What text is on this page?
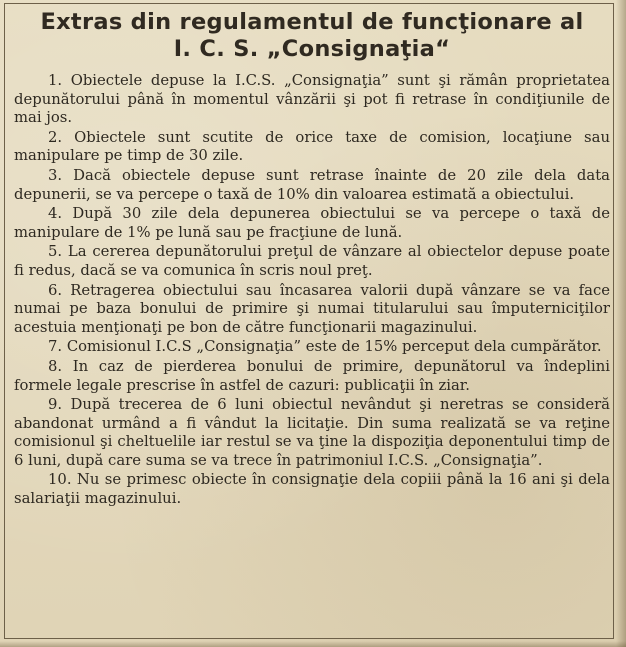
Extras din regulamentul de funcţionare al
I. C. S. „Consignaţia“

1. Obiectele depuse la I.C.S. „Consignaţia” sunt şi rămân proprietatea depunătorului până în momentul vânzării şi pot fi retrase în condiţiunile de mai jos.

2. Obiectele sunt scutite de orice taxe de comision, locaţiune sau manipulare pe timp de 30 zile.

3. Dacă obiectele depuse sunt retrase înainte de 20 zile dela data depunerii, se va percepe o taxă de 10% din valoarea estimată a obiectului.

4. După 30 zile dela depunerea obiectului se va percepe o taxă de manipulare de 1% pe lună sau pe fracţiune de lună.

5. La cererea depunătorului preţul de vânzare al obiectelor depuse poate fi redus, dacă se va comunica în scris noul preţ.

6. Retragerea obiectului sau încasarea valorii după vânzare se va face numai pe baza bonului de primire şi numai titularului sau împuterniciţilor acestuia menţionaţi pe bon de către funcţionarii magazinului.

7. Comisionul I.C.S „Consignaţia” este de 15% perceput dela cumpărător.

8. In caz de pierderea bonului de primire, depunătorul va îndeplini formele legale prescrise în astfel de cazuri: publicaţii în ziar.

9. După trecerea de 6 luni obiectul nevândut şi neretras se consideră abandonat urmând a fi vândut la licitaţie. Din suma realizată se va reţine comisionul şi cheltuelile iar restul se va ţine la dispoziţia deponentului timp de 6 luni, după care suma se va trece în patrimoniul I.C.S. „Consignaţia”.

10. Nu se primesc obiecte în consignaţie dela copiii până la 16 ani şi dela salariaţii magazinului.
